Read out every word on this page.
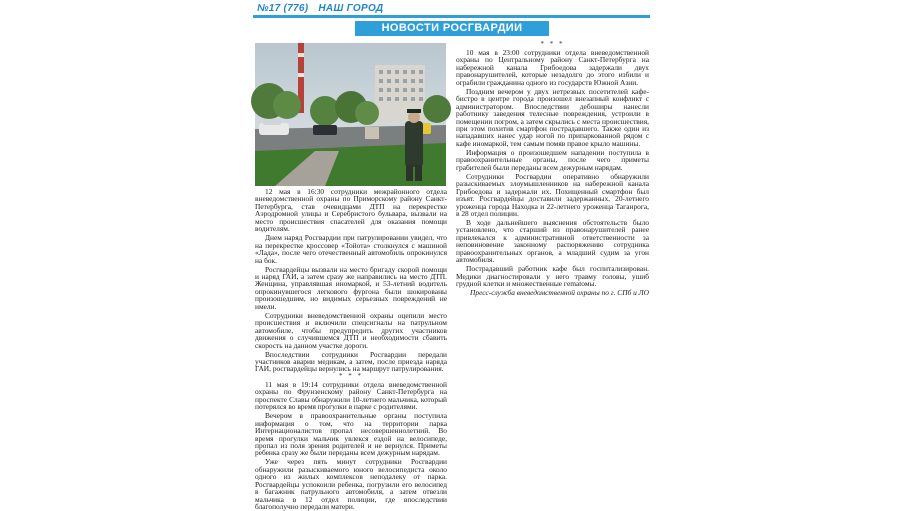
№17 (776) НАШ ГОРОД
НОВОСТИ РОСГВАРДИИ

12 мая в 16:30 сотрудники межрайонного отдела вневедомственной охраны по Приморскому району Санкт-Петербурга, став очевидцами ДТП на перекрестке Аэродромной улицы и Серебристого бульвара, вызвали на место происшествия спасателей для оказания помощи водителям.

Днем наряд Росгвардии при патрулировании увидел, что на перекрестке кроссовер «Тойота» столкнулся с машиной «Лада», после чего отечественный автомобиль опрокинулся на бок.

Росгвардейцы вызвали на место бригаду скорой помощи и наряд ГАИ, а затем сразу же направились на место ДТП. Женщина, управлявшая иномаркой, и 53-летний водитель опрокинувшегося легкового фургона были шокированы произошедшим, но видимых серьезных повреждений не имели.

Сотрудники вневедомственной охраны оцепили место происшествия и включили спецсигналы на патрульном автомобиле, чтобы предупредить других участников движения о случившемся ДТП и необходимости сбавить скорость на данном участке дороги.

Впоследствии сотрудники Росгвардии передали участников аварии медикам, а затем, после приезда наряда ГАИ, росгвардейцы вернулись на маршрут патрулирования.

* * *

11 мая в 19:14 сотрудники отдела вневедомственной охраны по Фрунзенскому району Санкт-Петербурга на проспекте Славы обнаружили 10-летнего мальчика, который потерялся во время прогулки в парке с родителями.

Вечером в правоохранительные органы поступила информация о том, что на территории парка Интернационалистов пропал несовершеннолетний. Во время прогулки мальчик увлекся ездой на велосипеде, пропал из поля зрения родителей и не вернулся. Приметы ребенка сразу же были переданы всем дежурным нарядам.

Уже через пять минут сотрудники Росгвардии обнаружили разыскиваемого юного велосипедиста около одного из жилых комплексов неподалеку от парка. Росгвардейцы успокоили ребенка, погрузили его велосипед в багажник патрульного автомобиля, а затем отвезли мальчика в 12 отдел полиции, где впоследствии благополучно передали матери.

* * *

10 мая в 23:00 сотрудники отдела вневедомственной охраны по Центральному району Санкт-Петербурга на набережной канала Грибоедова задержали двух правонарушителей, которые незадолго до этого избили и ограбили гражданина одного из государств Южной Азии.

Поздним вечером у двух нетрезвых посетителей кафе-бистро в центре города произошел внезапный конфликт с администратором. Впоследствии дебоширы нанесли работнику заведения телесные повреждения, устроили в помещении погром, а затем скрылись с места происшествия, при этом похитив смартфон пострадавшего. Также один из нападавших нанес удар ногой по припаркованной рядом с кафе иномаркой, тем самым помяв правое крыло машины.

Информация о произошедшем нападении поступила в правоохранительные органы, после чего приметы грабителей были переданы всем дежурным нарядам.

Сотрудники Росгвардии оперативно обнаружили разыскиваемых злоумышленников на набережной канала Грибоедова и задержали их. Похищенный смартфон был изъят. Росгвардейцы доставили задержанных, 20-летнего уроженца города Находка и 22-летнего уроженца Таганрога, в 28 отдел полиции.

В ходе дальнейшего выяснения обстоятельств было установлено, что старший из правонарушителей ранее привлекался к административной ответственности за неповиновение законному распоряжению сотрудника правоохранительных органов, а младший судим за угон автомобиля.

Пострадавший работник кафе был госпитализирован. Медики диагностировали у него травму головы, ушиб грудной клетки и множественные гematомы.

Пресс-служба вневедомственной охраны по г. СПб и ЛО
